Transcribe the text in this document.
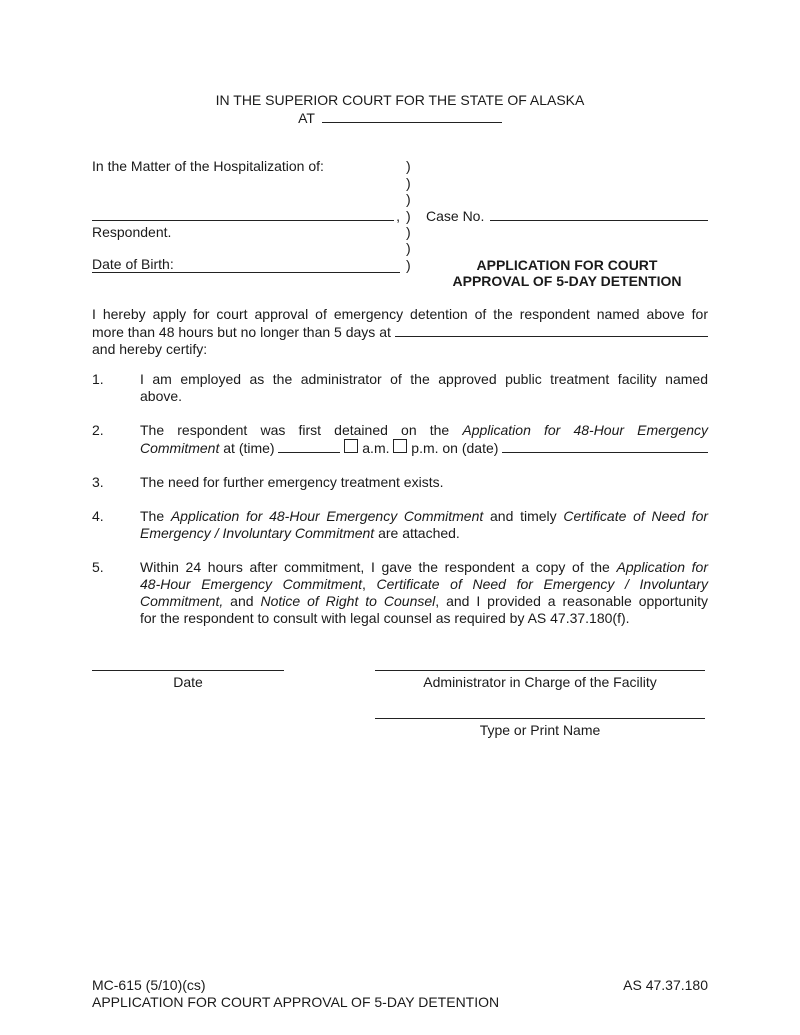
IN THE SUPERIOR COURT FOR THE STATE OF ALASKA
AT
In the Matter of the Hospitalization of:	)
)
)
)
)
)
)
, Case No.
Respondent.
Date of Birth:	APPLICATION FOR COURT
APPROVAL OF 5-DAY DETENTION
I hereby apply for court approval of emergency detention of the respondent named above for
more than 48 hours but no longer than 5 days at
and hereby certify:
1.	I am employed as the administrator of the approved public treatment facility named
above.
2.	The respondent was first detained on the Application for 48-Hour Emergency
Commitment at (time)
	a.m. p.m. on (date)
3.	The need for further emergency treatment exists.
4.	The Application for 48-Hour Emergency Commitment and timely Certificate of Need for
Emergency / Involuntary Commitment are attached.
5.	Within 24 hours after commitment, I gave the respondent a copy of the Application for
48-Hour Emergency Commitment, Certificate of Need for Emergency / Involuntary
Commitment, and Notice of Right to Counsel, and I provided a reasonable opportunity
for the respondent to consult with legal counsel as required by AS 47.37.180(f).
Date	Administrator in Charge of the Facility
Type or Print Name
MC-615 (5/10)(cs)	AS 47.37.180
APPLICATION FOR COURT APPROVAL OF 5-DAY DETENTION
